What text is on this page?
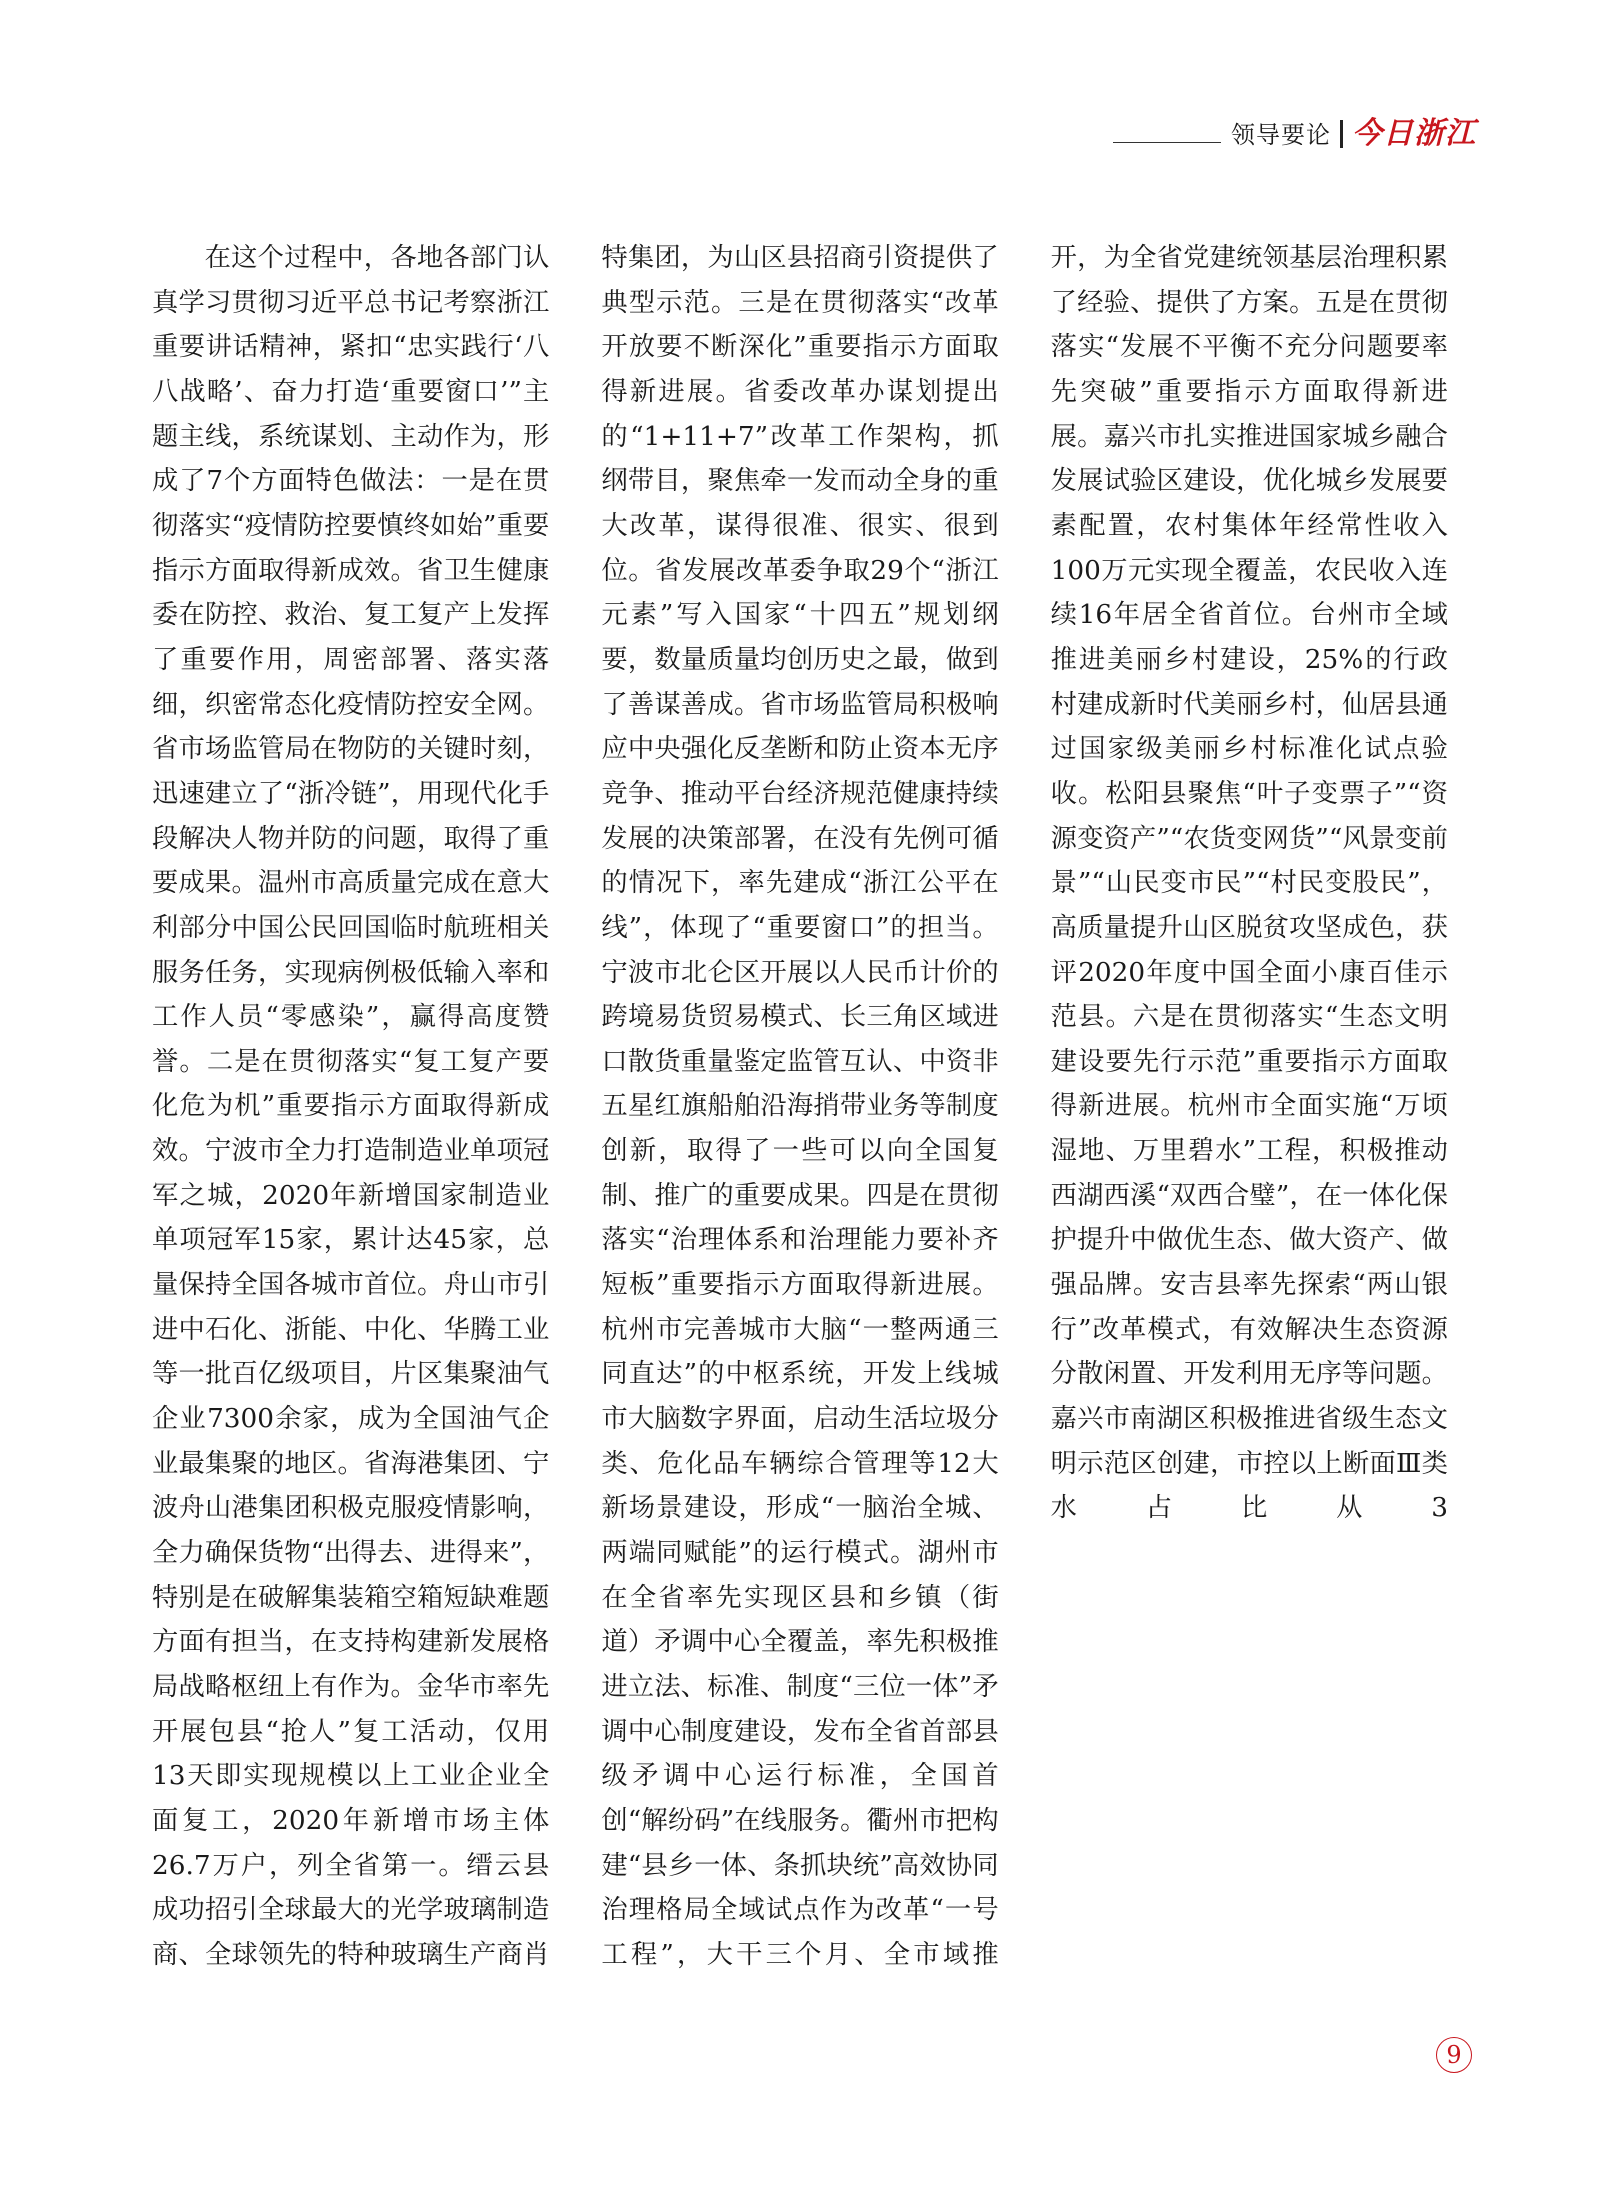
领导要论 今日浙江

在这个过程中，各地各部门认真学习贯彻习近平总书记考察浙江重要讲话精神，紧扣“忠实践行‘八八战略’、奋力打造‘重要窗口’”主题主线，系统谋划、主动作为，形成了7个方面特色做法：一是在贯彻落实“疫情防控要慎终如始”重要指示方面取得新成效。省卫生健康委在防控、救治、复工复产上发挥了重要作用，周密部署、落实落细，织密常态化疫情防控安全网。省市场监管局在物防的关键时刻，迅速建立了“浙冷链”，用现代化手段解决人物并防的问题，取得了重要成果。温州市高质量完成在意大利部分中国公民回国临时航班相关服务任务，实现病例极低输入率和工作人员“零感染”，赢得高度赞誉。二是在贯彻落实“复工复产要化危为机”重要指示方面取得新成效。宁波市全力打造制造业单项冠军之城，2020年新增国家制造业单项冠军15家，累计达45家，总量保持全国各城市首位。舟山市引进中石化、浙能、中化、华腾工业等一批百亿级项目，片区集聚油气企业7300余家，成为全国油气企业最集聚的地区。省海港集团、宁波舟山港集团积极克服疫情影响，全力确保货物“出得去、进得来”，特别是在破解集装箱空箱短缺难题方面有担当，在支持构建新发展格局战略枢纽上有作为。金华市率先开展包县“抢人”复工活动，仅用13天即实现规模以上工业企业全面复工，2020年新增市场主体26.7万户，列全省第一。缙云县成功招引全球最大的光学玻璃制造商、全球领先的特种玻璃生产商肖特集团，为山区县招商引资提供了典型示范。三是在贯彻落实“改革开放要不断深化”重要指示方面取得新进展。省委改革办谋划提出的“1+11+7”改革工作架构，抓纲带目，聚焦牵一发而动全身的重大改革，谋得很准、很实、很到位。省发展改革委争取29个“浙江元素”写入国家“十四五”规划纲要，数量质量均创历史之最，做到了善谋善成。省市场监管局积极响应中央强化反垄断和防止资本无序竞争、推动平台经济规范健康持续发展的决策部署，在没有先例可循的情况下，率先建成“浙江公平在线”，体现了“重要窗口”的担当。宁波市北仑区开展以人民币计价的跨境易货贸易模式、长三角区域进口散货重量鉴定监管互认、中资非五星红旗船舶沿海捎带业务等制度创新，取得了一些可以向全国复制、推广的重要成果。四是在贯彻落实“治理体系和治理能力要补齐短板”重要指示方面取得新进展。杭州市完善城市大脑“一整两通三同直达”的中枢系统，开发上线城市大脑数字界面，启动生活垃圾分类、危化品车辆综合管理等12大新场景建设，形成“一脑治全城、两端同赋能”的运行模式。湖州市在全省率先实现区县和乡镇（街道）矛调中心全覆盖，率先积极推进立法、标准、制度“三位一体”矛调中心制度建设，发布全省首部县级矛调中心运行标准，全国首创“解纷码”在线服务。衢州市把构建“县乡一体、条抓块统”高效协同治理格局全域试点作为改革“一号工程”，大干三个月、全市域推开，为全省党建统领基层治理积累了经验、提供了方案。五是在贯彻落实“发展不平衡不充分问题要率先突破”重要指示方面取得新进展。嘉兴市扎实推进国家城乡融合发展试验区建设，优化城乡发展要素配置，农村集体年经常性收入100万元实现全覆盖，农民收入连续16年居全省首位。台州市全域推进美丽乡村建设，25%的行政村建成新时代美丽乡村，仙居县通过国家级美丽乡村标准化试点验收。松阳县聚焦“叶子变票子”“资源变资产”“农货变网货”“风景变前景”“山民变市民”“村民变股民”，高质量提升山区脱贫攻坚成色，获评2020年度中国全面小康百佳示范县。六是在贯彻落实“生态文明建设要先行示范”重要指示方面取得新进展。杭州市全面实施“万顷湿地、万里碧水”工程，积极推动西湖西溪“双西合璧”，在一体化保护提升中做优生态、做大资产、做强品牌。安吉县率先探索“两山银行”改革模式，有效解决生态资源分散闲置、开发利用无序等问题。嘉兴市南湖区积极推进省级生态文明示范区创建，市控以上断面Ⅲ类水占比从3

9
